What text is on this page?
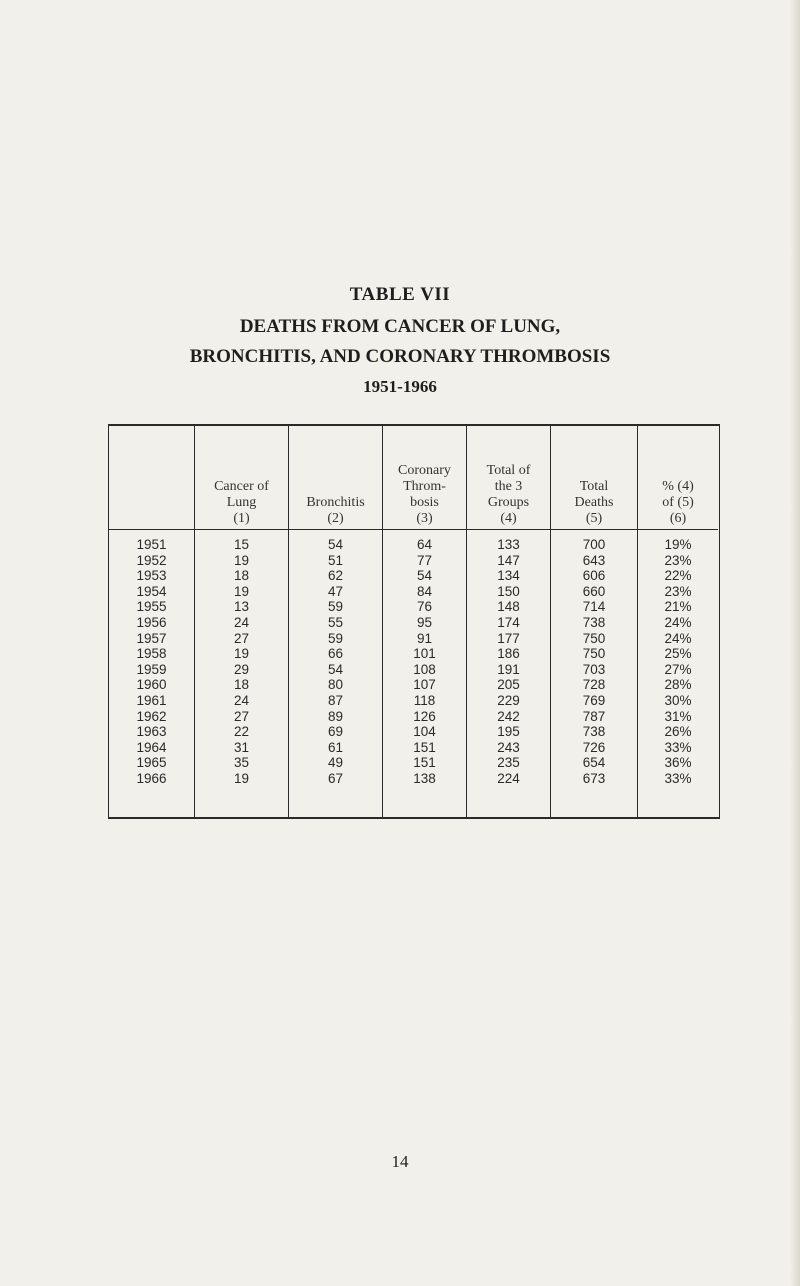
TABLE VII
DEATHS FROM CANCER OF LUNG,
BRONCHITIS, AND CORONARY THROMBOSIS
1951-1966
1951
1952
1953
1954
1955
1956
1957
1958
1959
1960
1961
1962
1963
1964
1965
1966
Cancer of
Lung
(1)
15
19
18
19
13
24
27
19
29
18
24
27
22
31
35
19
Bronchitis
(2)
54
51
62
47
59
55
59
66
54
80
87
89
69
61
49
67
Coronary
Throm-
bosis
(3)
64
77
54
84
76
95
91
101
108
107
118
126
104
151
151
138
Total of
the 3
Groups
(4)
133
147
134
150
148
174
177
186
191
205
229
242
195
243
235
224
Total
Deaths
(5)
700
643
606
660
714
738
750
750
703
728
769
787
738
726
654
673
% (4)
of (5)
(6)
19%
23%
22%
23%
21%
24%
24%
25%
27%
28%
30%
31%
26%
33%
36%
33%
14
